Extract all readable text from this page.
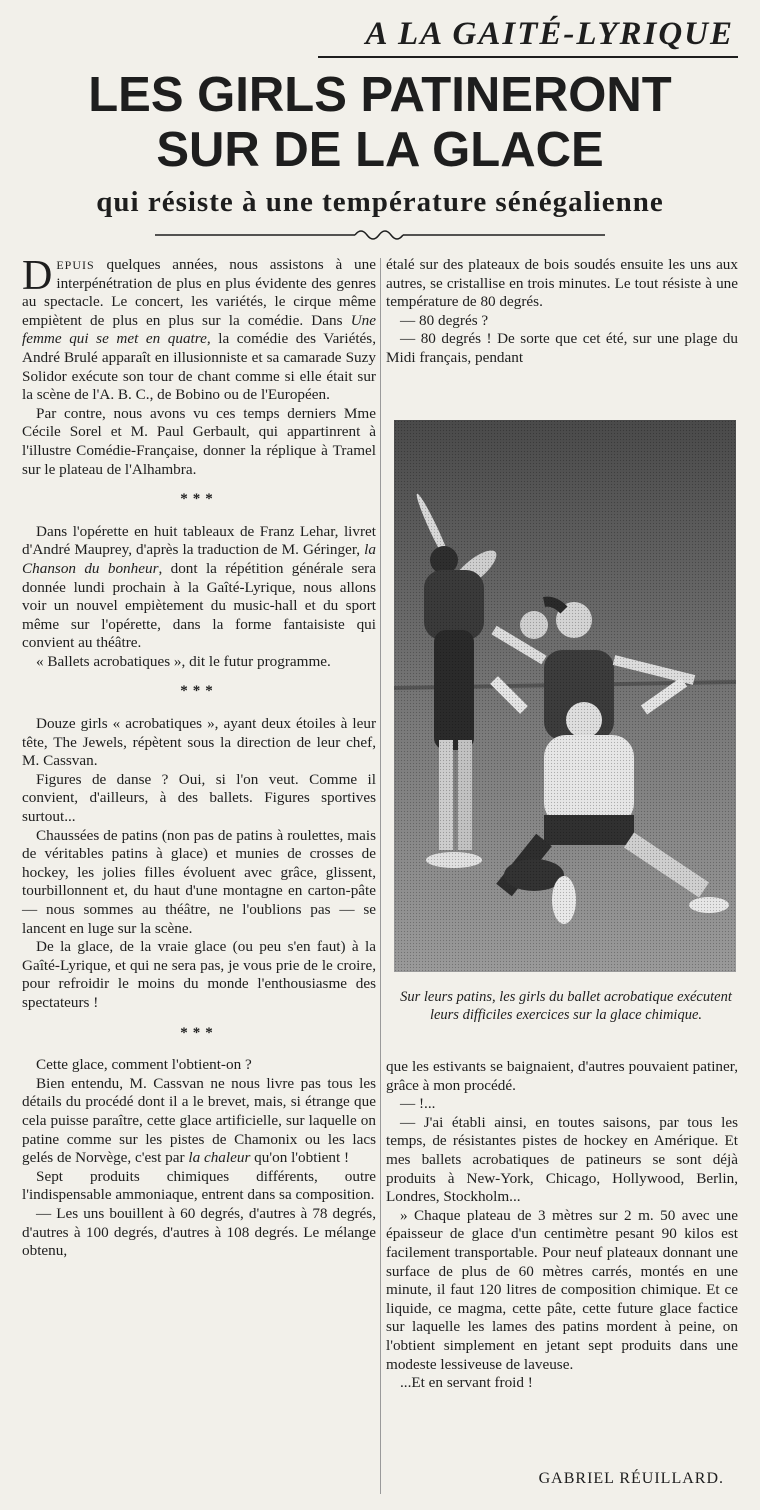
A LA GAITÉ-LYRIQUE
LES GIRLS PATINERONT
SUR DE LA GLACE
qui résiste à une température sénégalienne

DEPUIS quelques années, nous assistons à une interpénétration de plus en plus évidente des genres au spectacle. Le concert, les variétés, le cirque même empiètent de plus en plus sur la comédie. Dans Une femme qui se met en quatre, la comédie des Variétés, André Brulé apparaît en illusionniste et sa camarade Suzy Solidor exécute son tour de chant comme si elle était sur la scène de l'A. B. C., de Bobino ou de l'Européen.

Par contre, nous avons vu ces temps derniers Mme Cécile Sorel et M. Paul Gerbault, qui appartinrent à l'illustre Comédie-Française, donner la réplique à Tramel sur le plateau de l'Alhambra.

***

Dans l'opérette en huit tableaux de Franz Lehar, livret d'André Mauprey, d'après la traduction de M. Géringer, la Chanson du bonheur, dont la répétition générale sera donnée lundi prochain à la Gaîté-Lyrique, nous allons voir un nouvel empiètement du music-hall et du sport même sur l'opérette, dans la forme fantaisiste qui convient au théâtre.

« Ballets acrobatiques », dit le futur programme.

***

Douze girls « acrobatiques », ayant deux étoiles à leur tête, The Jewels, répètent sous la direction de leur chef, M. Cassvan.

Figures de danse ? Oui, si l'on veut. Comme il convient, d'ailleurs, à des ballets. Figures sportives surtout...

Chaussées de patins (non pas de patins à roulettes, mais de véritables patins à glace) et munies de crosses de hockey, les jolies filles évoluent avec grâce, glissent, tourbillonnent et, du haut d'une montagne en carton-pâte — nous sommes au théâtre, ne l'oublions pas — se lancent en luge sur la scène.

De la glace, de la vraie glace (ou peu s'en faut) à la Gaîté-Lyrique, et qui ne sera pas, je vous prie de le croire, pour refroidir le moins du monde l'enthousiasme des spectateurs !

***

Cette glace, comment l'obtient-on ?

Bien entendu, M. Cassvan ne nous livre pas tous les détails du procédé dont il a le brevet, mais, si étrange que cela puisse paraître, cette glace artificielle, sur laquelle on patine comme sur les pistes de Chamonix ou les lacs gelés de Norvège, c'est par la chaleur qu'on l'obtient !

Sept produits chimiques différents, outre l'indispensable ammoniaque, entrent dans sa composition.

— Les uns bouillent à 60 degrés, d'autres à 78 degrés, d'autres à 100 degrés, d'autres à 108 degrés. Le mélange obtenu,

étalé sur des plateaux de bois soudés ensuite les uns aux autres, se cristallise en trois minutes. Le tout résiste à une température de 80 degrés.

— 80 degrés ?

— 80 degrés ! De sorte que cet été, sur une plage du Midi français, pendant

Sur leurs patins, les girls du ballet acrobatique exécutent leurs difficiles exercices sur la glace chimique.

que les estivants se baignaient, d'autres pouvaient patiner, grâce à mon procédé.

— !...

— J'ai établi ainsi, en toutes saisons, par tous les temps, de résistantes pistes de hockey en Amérique. Et mes ballets acrobatiques de patineurs se sont déjà produits à New-York, Chicago, Hollywood, Berlin, Londres, Stockholm...

» Chaque plateau de 3 mètres sur 2 m. 50 avec une épaisseur de glace d'un centimètre pesant 90 kilos est facilement transportable. Pour neuf plateaux donnant une surface de plus de 60 mètres carrés, montés en une minute, il faut 120 litres de composition chimique. Et ce liquide, ce magma, cette pâte, cette future glace factice sur laquelle les lames des patins mordent à peine, on l'obtient simplement en jetant sept produits dans une modeste lessiveuse de laveuse.

...Et en servant froid !

GABRIEL RÉUILLARD.
